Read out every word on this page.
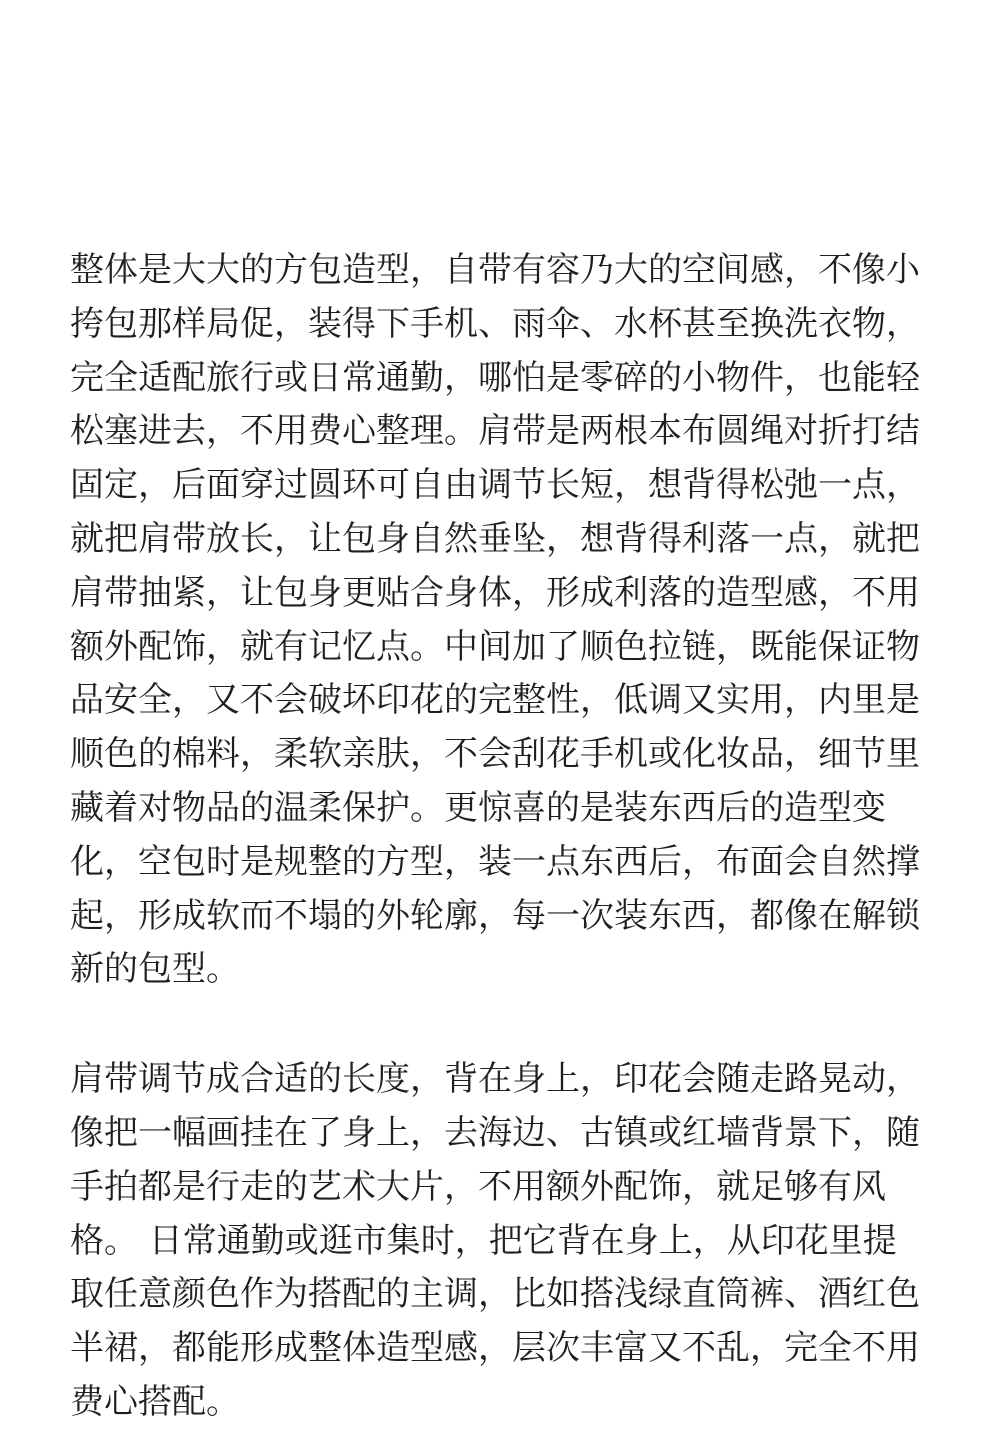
整体是大大的方包造型，自带有容乃大的空间感，不像小
挎包那样局促，装得下手机、雨伞、水杯甚至换洗衣物，
完全适配旅行或日常通勤，哪怕是零碎的小物件，也能轻
松塞进去，不用费心整理。肩带是两根本布圆绳对折打结
固定，后面穿过圆环可自由调节长短，想背得松弛一点，
就把肩带放长，让包身自然垂坠，想背得利落一点，就把
肩带抽紧，让包身更贴合身体，形成利落的造型感，不用
额外配饰，就有记忆点。中间加了顺色拉链，既能保证物
品安全，又不会破坏印花的完整性，低调又实用，内里是
顺色的棉料，柔软亲肤，不会刮花手机或化妆品，细节里
藏着对物品的温柔保护。更惊喜的是装东西后的造型变
化，空包时是规整的方型，装一点东西后，布面会自然撑
起，形成软而不塌的外轮廓，每一次装东西，都像在解锁
新的包型。
肩带调节成合适的长度，背在身上，印花会随走路晃动，
像把一幅画挂在了身上，去海边、古镇或红墙背景下，随
手拍都是行走的艺术大片，不用额外配饰，就足够有风
格。 日常通勤或逛市集时，把它背在身上，从印花里提
取任意颜色作为搭配的主调，比如搭浅绿直筒裤、酒红色
半裙，都能形成整体造型感，层次丰富又不乱，完全不用
费心搭配。
